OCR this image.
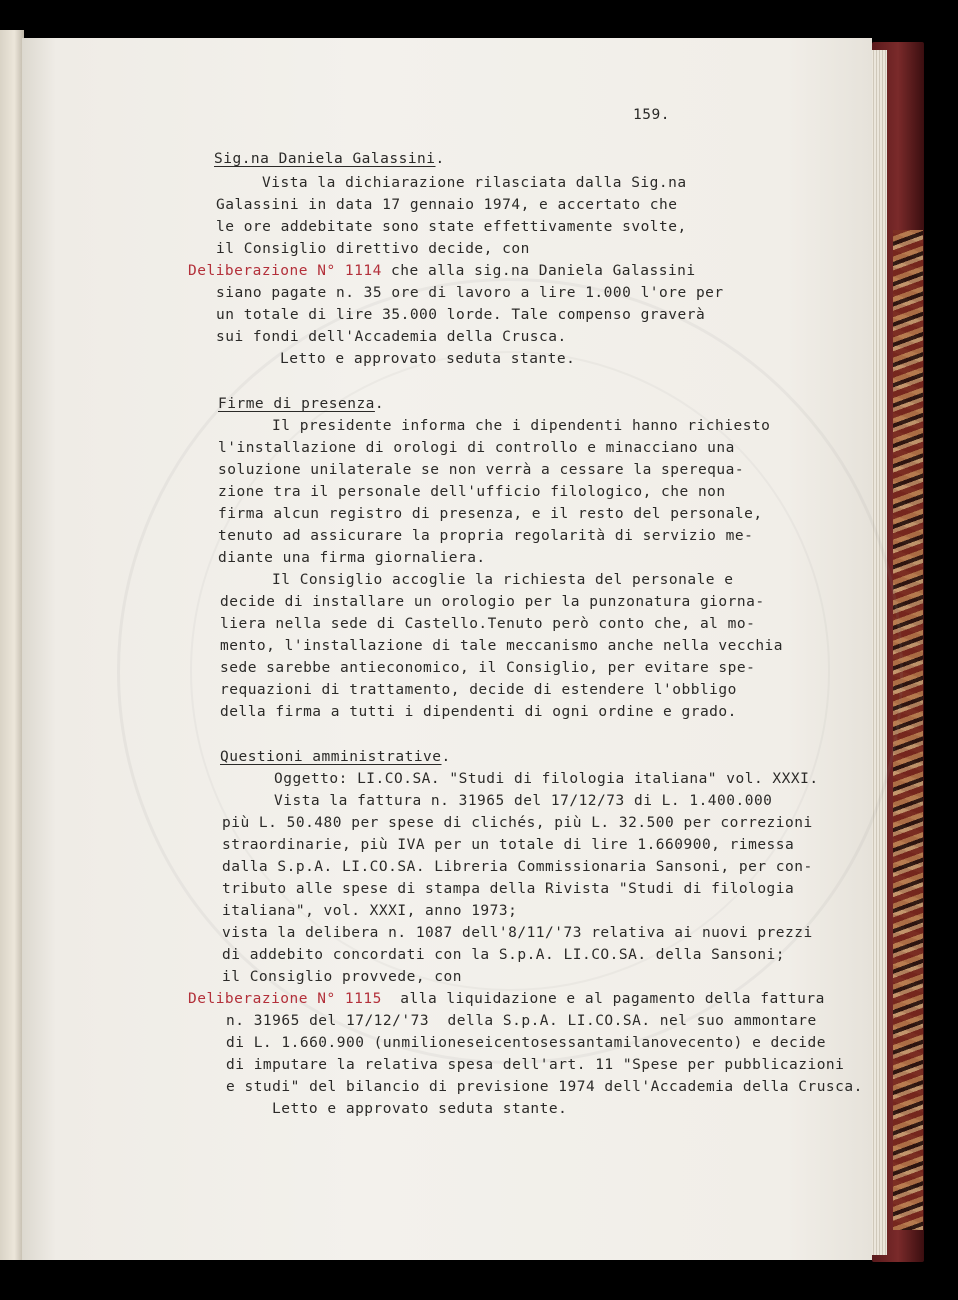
159.
Sig.na Daniela Galassini.
Vista la dichiarazione rilasciata dalla Sig.na
Galassini in data 17 gennaio 1974, e accertato che
le ore addebitate sono state effettivamente svolte,
il Consiglio direttivo decide, con
Deliberazione N° 1114 che alla sig.na Daniela Galassini
siano pagate n. 35 ore di lavoro a lire 1.000 l'ore per
un totale di lire 35.000 lorde. Tale compenso graverà
sui fondi dell'Accademia della Crusca.
Letto e approvato seduta stante.
Firme di presenza.
Il presidente informa che i dipendenti hanno richiesto
l'installazione di orologi di controllo e minacciano una
soluzione unilaterale se non verrà a cessare la sperequa-
zione tra il personale dell'ufficio filologico, che non
firma alcun registro di presenza, e il resto del personale,
tenuto ad assicurare la propria regolarità di servizio me-
diante una firma giornaliera.
Il Consiglio accoglie la richiesta del personale e
decide di installare un orologio per la punzonatura giorna-
liera nella sede di Castello.Tenuto però conto che, al mo-
mento, l'installazione di tale meccanismo anche nella vecchia
sede sarebbe antieconomico, il Consiglio, per evitare spe-
requazioni di trattamento, decide di estendere l'obbligo
della firma a tutti i dipendenti di ogni ordine e grado.
Questioni amministrative.
Oggetto: LI.CO.SA. "Studi di filologia italiana" vol. XXXI.
Vista la fattura n. 31965 del 17/12/73 di L. 1.400.000
più L. 50.480 per spese di clichés, più L. 32.500 per correzioni
straordinarie, più IVA per un totale di lire 1.660900, rimessa
dalla S.p.A. LI.CO.SA. Libreria Commissionaria Sansoni, per con-
tributo alle spese di stampa della Rivista "Studi di filologia
italiana", vol. XXXI, anno 1973;
vista la delibera n. 1087 dell'8/11/'73 relativa ai nuovi prezzi
di addebito concordati con la S.p.A. LI.CO.SA. della Sansoni;
il Consiglio provvede, con
Deliberazione N° 1115  alla liquidazione e al pagamento della fattura
n. 31965 del 17/12/'73  della S.p.A. LI.CO.SA. nel suo ammontare
di L. 1.660.900 (unmilioneseicentosessantamilanovecento) e decide
di imputare la relativa spesa dell'art. 11 "Spese per pubblicazioni
e studi" del bilancio di previsione 1974 dell'Accademia della Crusca.
Letto e approvato seduta stante.
